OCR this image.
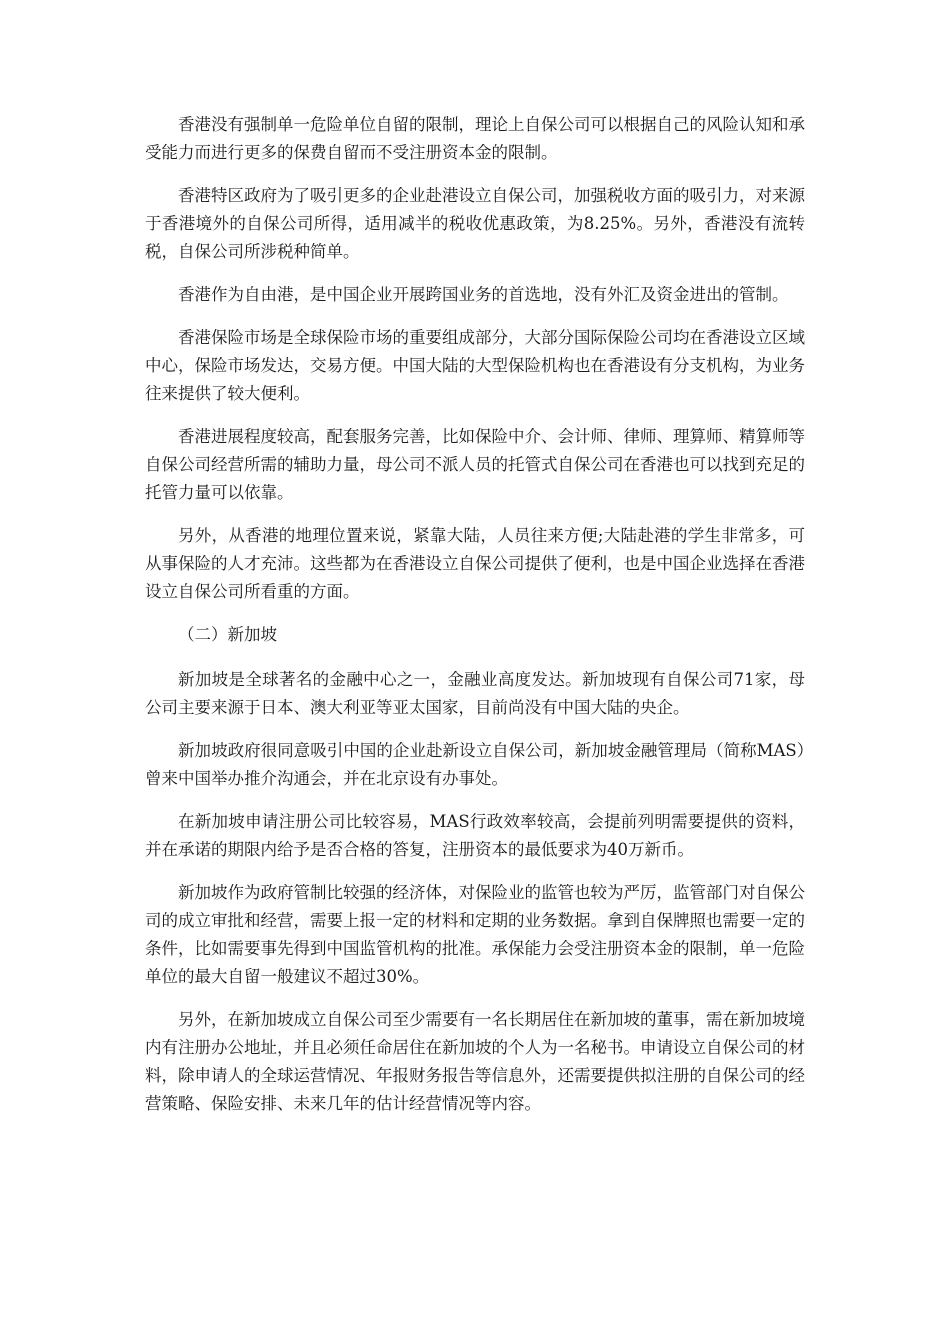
香港没有强制单一危险单位自留的限制，理论上自保公司可以根据自己的风险认知和承受能力而进行更多的保费自留而不受注册资本金的限制。

香港特区政府为了吸引更多的企业赴港设立自保公司，加强税收方面的吸引力，对来源于香港境外的自保公司所得，适用减半的税收优惠政策，为8.25%。另外，香港没有流转税，自保公司所涉税种简单。

香港作为自由港，是中国企业开展跨国业务的首选地，没有外汇及资金进出的管制。

香港保险市场是全球保险市场的重要组成部分，大部分国际保险公司均在香港设立区域中心，保险市场发达，交易方便。中国大陆的大型保险机构也在香港设有分支机构，为业务往来提供了较大便利。

香港进展程度较高，配套服务完善，比如保险中介、会计师、律师、理算师、精算师等自保公司经营所需的辅助力量，母公司不派人员的托管式自保公司在香港也可以找到充足的托管力量可以依靠。

另外，从香港的地理位置来说，紧靠大陆，人员往来方便;大陆赴港的学生非常多，可从事保险的人才充沛。这些都为在香港设立自保公司提供了便利，也是中国企业选择在香港设立自保公司所看重的方面。

（二）新加坡

新加坡是全球著名的金融中心之一，金融业高度发达。新加坡现有自保公司71家，母公司主要来源于日本、澳大利亚等亚太国家，目前尚没有中国大陆的央企。

新加坡政府很同意吸引中国的企业赴新设立自保公司，新加坡金融管理局（简称MAS）曾来中国举办推介沟通会，并在北京设有办事处。

在新加坡申请注册公司比较容易，MAS行政效率较高，会提前列明需要提供的资料，并在承诺的期限内给予是否合格的答复，注册资本的最低要求为40万新币。

新加坡作为政府管制比较强的经济体，对保险业的监管也较为严厉，监管部门对自保公司的成立审批和经营，需要上报一定的材料和定期的业务数据。拿到自保牌照也需要一定的条件，比如需要事先得到中国监管机构的批准。承保能力会受注册资本金的限制，单一危险单位的最大自留一般建议不超过30%。

另外，在新加坡成立自保公司至少需要有一名长期居住在新加坡的董事，需在新加坡境内有注册办公地址，并且必须任命居住在新加坡的个人为一名秘书。申请设立自保公司的材料，除申请人的全球运营情况、年报财务报告等信息外，还需要提供拟注册的自保公司的经营策略、保险安排、未来几年的估计经营情况等内容。
